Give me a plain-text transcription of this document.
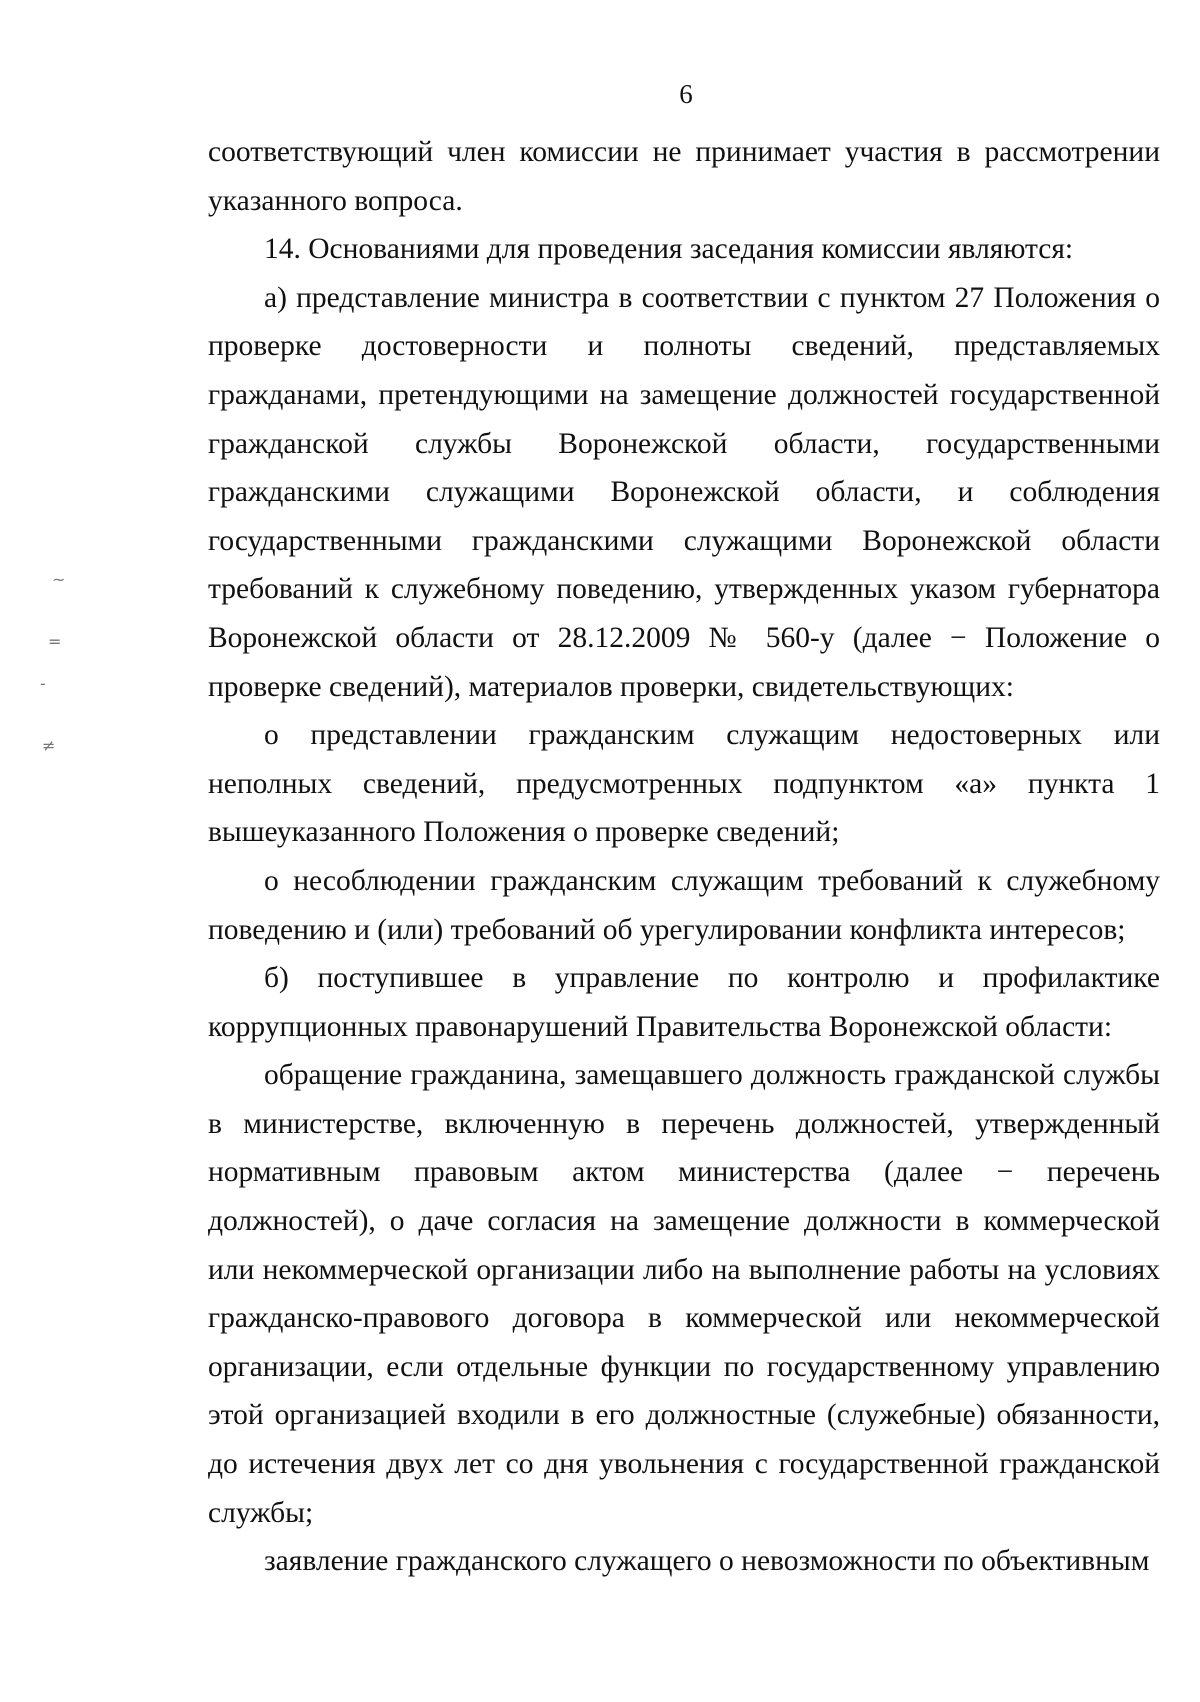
6
~
=
-
≠

соответствующий член комиссии не принимает участия в рассмотрении указанного вопроса.

14. Основаниями для проведения заседания комиссии являются:

а) представление министра в соответствии с пунктом 27 Положения о проверке достоверности и полноты сведений, представляемых гражданами, претендующими на замещение должностей государственной гражданской службы Воронежской области, государственными гражданскими служащими Воронежской области, и соблюдения государственными гражданскими служащими Воронежской области требований к служебному поведению, утвержденных указом губернатора Воронежской области от 28.12.2009 № 560-у (далее − Положение о проверке сведений), материалов проверки, свидетельствующих:

о представлении гражданским служащим недостоверных или неполных сведений, предусмотренных подпунктом «а» пункта 1 вышеуказанного Положения о проверке сведений;

о несоблюдении гражданским служащим требований к служебному поведению и (или) требований об урегулировании конфликта интересов;

б) поступившее в управление по контролю и профилактике коррупционных правонарушений Правительства Воронежской области:

обращение гражданина, замещавшего должность гражданской службы в министерстве, включенную в перечень должностей, утвержденный нормативным правовым актом министерства (далее − перечень должностей), о даче согласия на замещение должности в коммерческой или некоммерческой организации либо на выполнение работы на условиях гражданско-правового договора в коммерческой или некоммерческой организации, если отдельные функции по государственному управлению этой организацией входили в его должностные (служебные) обязанности, до истечения двух лет со дня увольнения с государственной гражданской службы;

заявление гражданского служащего о невозможности по объективным
